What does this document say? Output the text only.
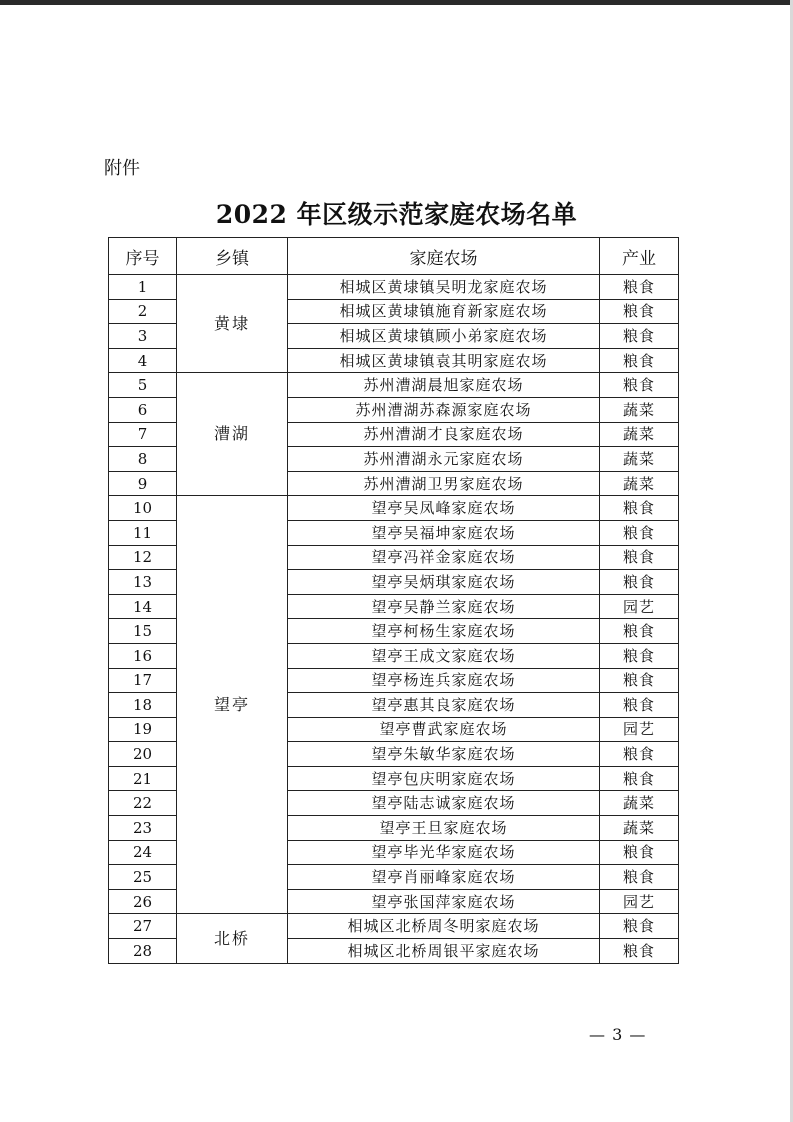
附件
2022 年区级示范家庭农场名单
序号	乡镇	家庭农场	产业
1	黄埭	相城区黄埭镇吴明龙家庭农场	粮食
2		相城区黄埭镇施育新家庭农场	粮食
3		相城区黄埭镇顾小弟家庭农场	粮食
4		相城区黄埭镇袁其明家庭农场	粮食
5	漕湖	苏州漕湖晨旭家庭农场	粮食
6		苏州漕湖苏森源家庭农场	蔬菜
7		苏州漕湖才良家庭农场	蔬菜
8		苏州漕湖永元家庭农场	蔬菜
9		苏州漕湖卫男家庭农场	蔬菜
10	望亭	望亭吴凤峰家庭农场	粮食
11		望亭吴福坤家庭农场	粮食
12		望亭冯祥金家庭农场	粮食
13		望亭吴炳琪家庭农场	粮食
14		望亭吴静兰家庭农场	园艺
15		望亭柯杨生家庭农场	粮食
16		望亭王成文家庭农场	粮食
17		望亭杨连兵家庭农场	粮食
18		望亭惠其良家庭农场	粮食
19		望亭曹武家庭农场	园艺
20		望亭朱敏华家庭农场	粮食
21		望亭包庆明家庭农场	粮食
22		望亭陆志诚家庭农场	蔬菜
23		望亭王旦家庭农场	蔬菜
24		望亭毕光华家庭农场	粮食
25		望亭肖丽峰家庭农场	粮食
26		望亭张国萍家庭农场	园艺
27	北桥	相城区北桥周冬明家庭农场	粮食
28		相城区北桥周银平家庭农场	粮食
— 3 —
